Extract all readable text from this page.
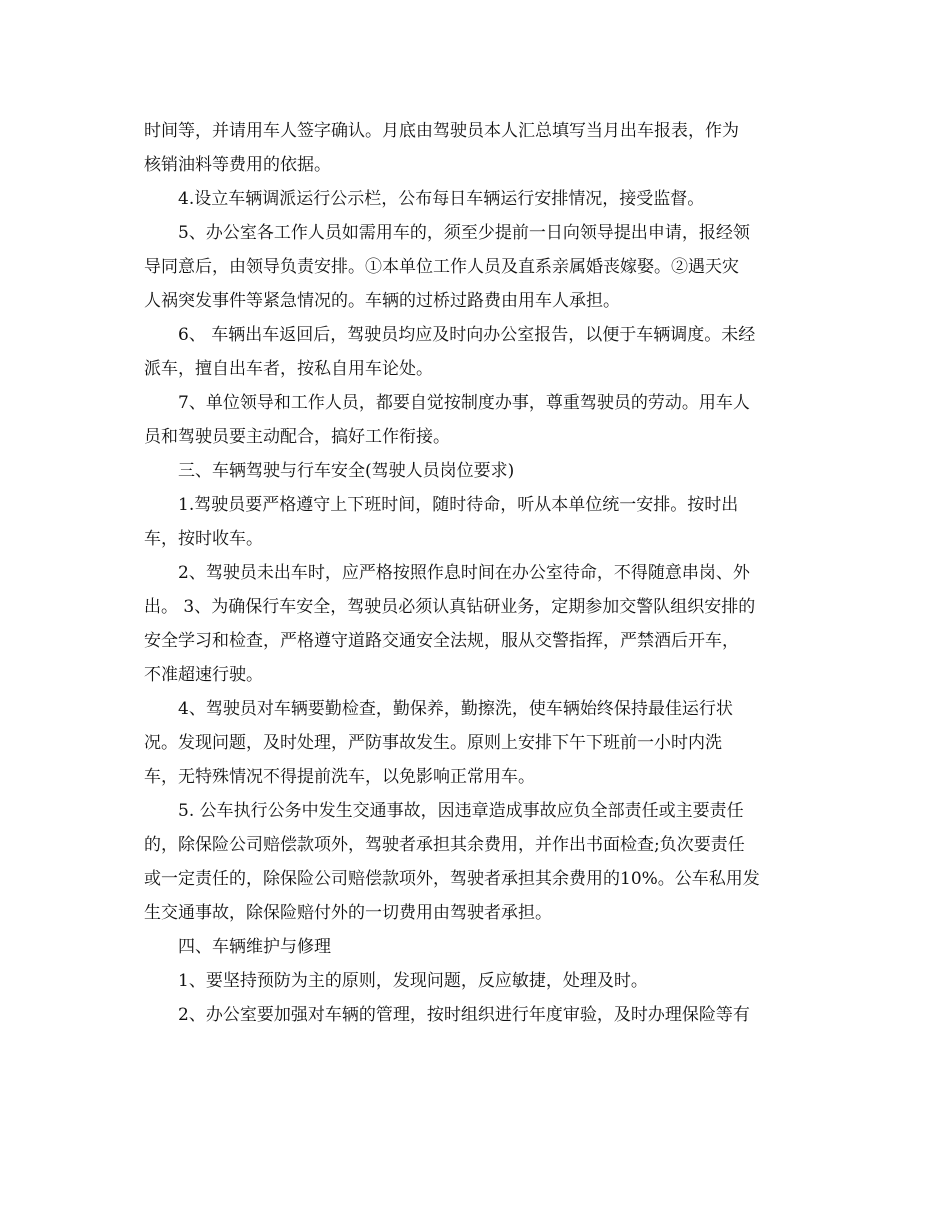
时间等，并请用车人签字确认。月底由驾驶员本人汇总填写当月出车报表，作为
核销油料等费用的依据。
4.设立车辆调派运行公示栏，公布每日车辆运行安排情况，接受监督。
5、办公室各工作人员如需用车的，须至少提前一日向领导提出申请，报经领
导同意后，由领导负责安排。①本单位工作人员及直系亲属婚丧嫁娶。②遇天灾
人祸突发事件等紧急情况的。车辆的过桥过路费由用车人承担。
6、 车辆出车返回后，驾驶员均应及时向办公室报告，以便于车辆调度。未经
派车，擅自出车者，按私自用车论处。
7、单位领导和工作人员，都要自觉按制度办事，尊重驾驶员的劳动。用车人
员和驾驶员要主动配合，搞好工作衔接。
三、车辆驾驶与行车安全(驾驶人员岗位要求)
1.驾驶员要严格遵守上下班时间，随时待命，听从本单位统一安排。按时出
车，按时收车。
2、驾驶员未出车时，应严格按照作息时间在办公室待命，不得随意串岗、外
出。 3、为确保行车安全，驾驶员必须认真钻研业务，定期参加交警队组织安排的
安全学习和检查，严格遵守道路交通安全法规，服从交警指挥，严禁酒后开车，
不准超速行驶。
4、驾驶员对车辆要勤检查，勤保养，勤擦洗，使车辆始终保持最佳运行状
况。发现问题，及时处理，严防事故发生。原则上安排下午下班前一小时内洗
车，无特殊情况不得提前洗车，以免影响正常用车。
5. 公车执行公务中发生交通事故，因违章造成事故应负全部责任或主要责任
的，除保险公司赔偿款项外，驾驶者承担其余费用，并作出书面检查;负次要责任
或一定责任的，除保险公司赔偿款项外，驾驶者承担其余费用的10%。公车私用发
生交通事故，除保险赔付外的一切费用由驾驶者承担。
四、车辆维护与修理
1、要坚持预防为主的原则，发现问题，反应敏捷，处理及时。
2、办公室要加强对车辆的管理，按时组织进行年度审验，及时办理保险等有
